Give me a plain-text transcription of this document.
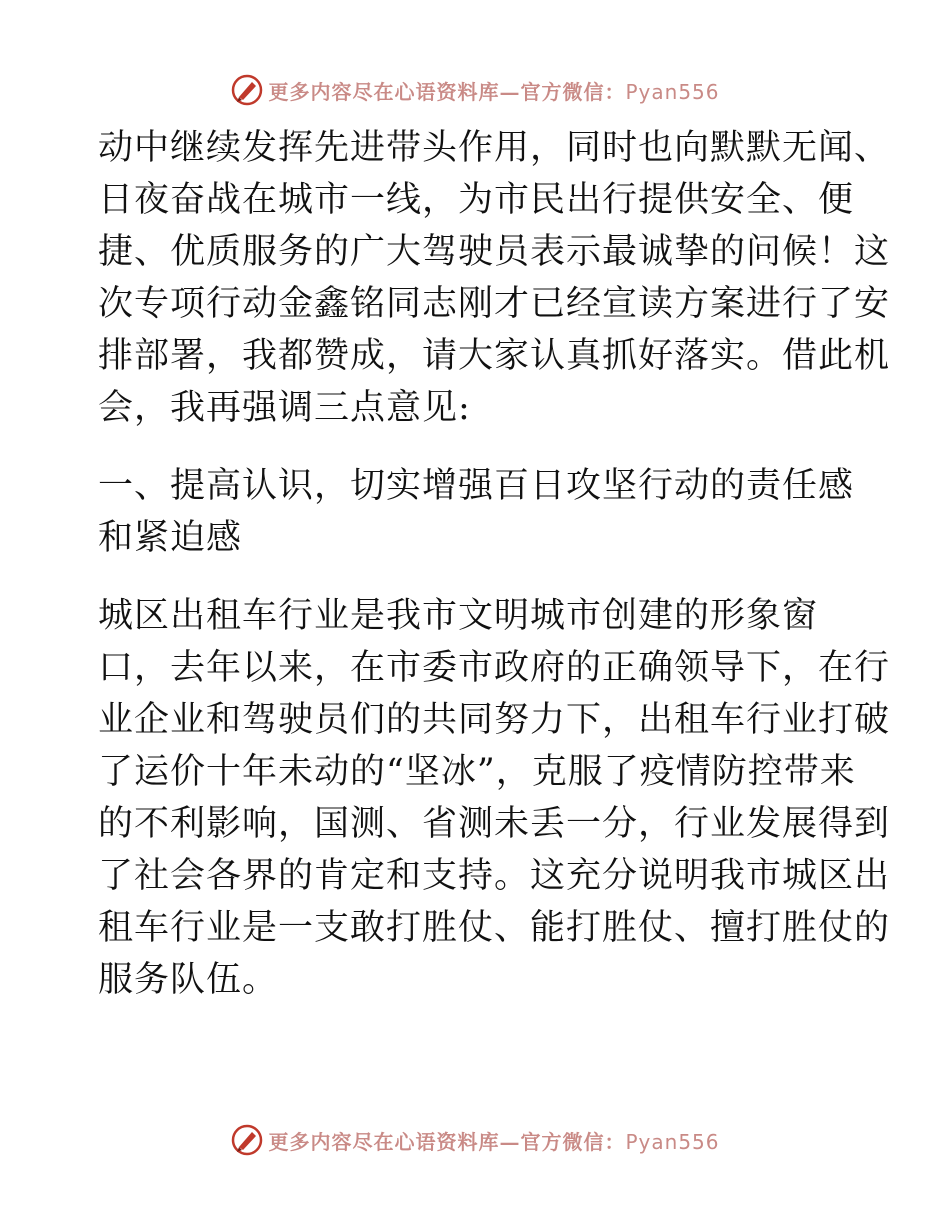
更多内容尽在心语资料库—官方微信：Pyan556
动中继续发挥先进带头作用，同时也向默默无闻、
日夜奋战在城市一线，为市民出行提供安全、便
捷、优质服务的广大驾驶员表示最诚挚的问候！这
次专项行动金鑫铭同志刚才已经宣读方案进行了安
排部署，我都赞成，请大家认真抓好落实。借此机
会，我再强调三点意见:
一、提高认识，切实增强百日攻坚行动的责任感
和紧迫感
城区出租车行业是我市文明城市创建的形象窗
口，去年以来，在市委市政府的正确领导下，在行
业企业和驾驶员们的共同努力下，出租车行业打破
了运价十年未动的“坚冰”，克服了疫情防控带来
的不利影响，国测、省测未丢一分，行业发展得到
了社会各界的肯定和支持。这充分说明我市城区出
租车行业是一支敢打胜仗、能打胜仗、擅打胜仗的
服务队伍。
更多内容尽在心语资料库—官方微信：Pyan556
